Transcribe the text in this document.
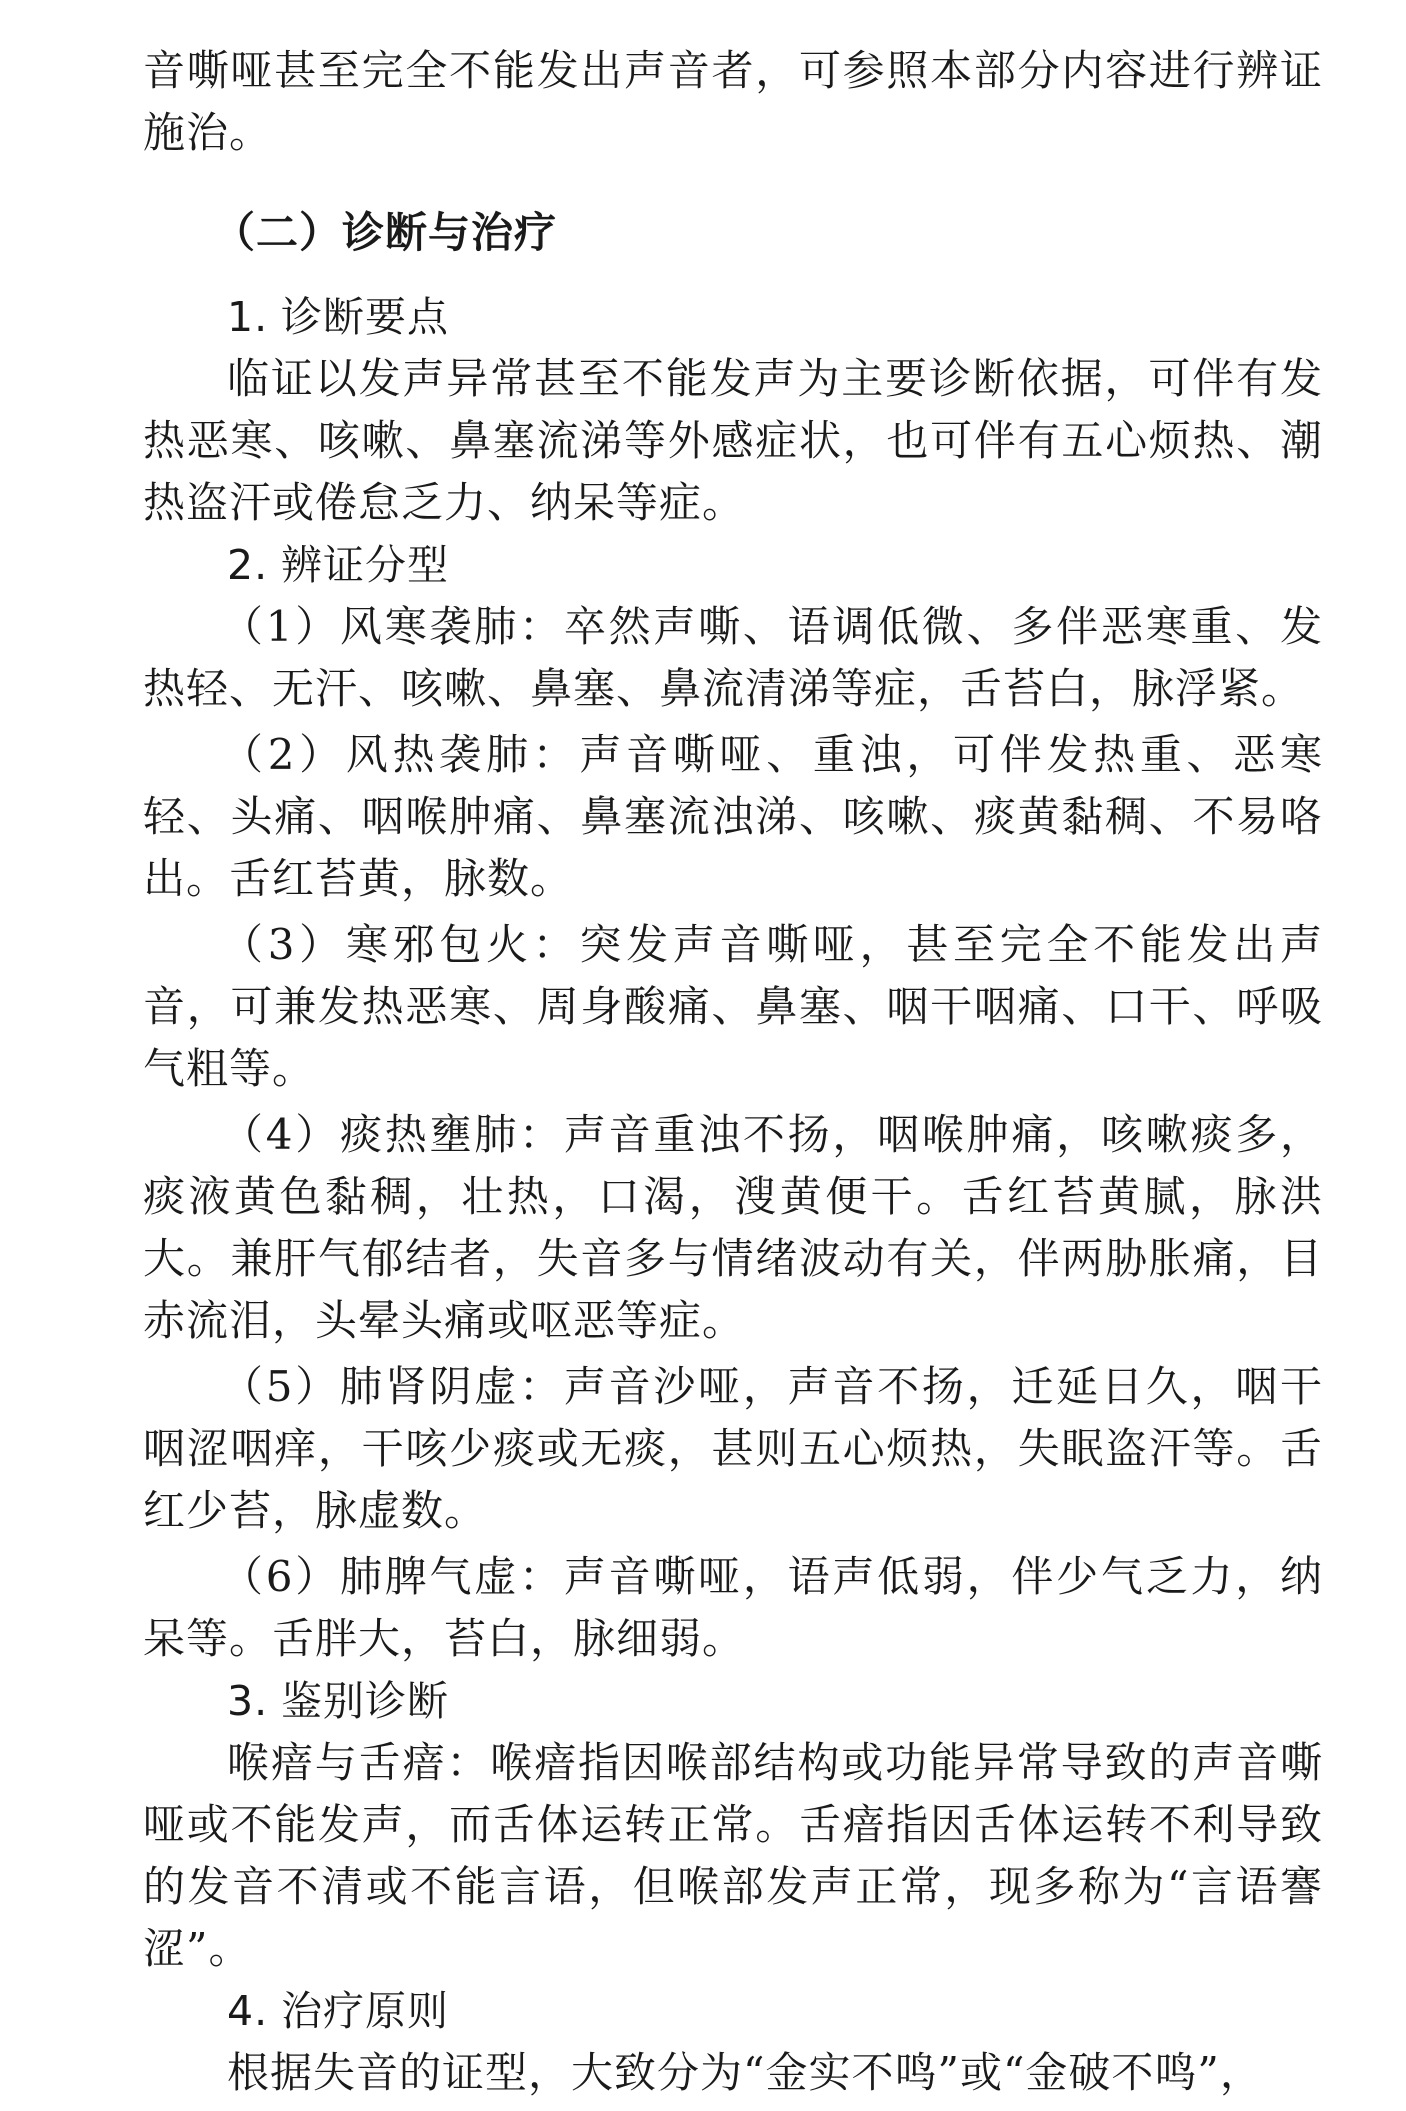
音嘶哑甚至完全不能发出声音者，可参照本部分内容进行辨证施治。

（二）诊断与治疗
1. 诊断要点

临证以发声异常甚至不能发声为主要诊断依据，可伴有发热恶寒、咳嗽、鼻塞流涕等外感症状，也可伴有五心烦热、潮热盗汗或倦怠乏力、纳呆等症。

2. 辨证分型

（1）风寒袭肺：卒然声嘶、语调低微、多伴恶寒重、发热轻、无汗、咳嗽、鼻塞、鼻流清涕等症，舌苔白，脉浮紧。

（2）风热袭肺：声音嘶哑、重浊，可伴发热重、恶寒轻、头痛、咽喉肿痛、鼻塞流浊涕、咳嗽、痰黄黏稠、不易咯出。舌红苔黄，脉数。

（3）寒邪包火：突发声音嘶哑，甚至完全不能发出声音，可兼发热恶寒、周身酸痛、鼻塞、咽干咽痛、口干、呼吸气粗等。

（4）痰热壅肺：声音重浊不扬，咽喉肿痛，咳嗽痰多，痰液黄色黏稠，壮热，口渴，溲黄便干。舌红苔黄腻，脉洪大。兼肝气郁结者，失音多与情绪波动有关，伴两胁胀痛，目赤流泪，头晕头痛或呕恶等症。

（5）肺肾阴虚：声音沙哑，声音不扬，迁延日久，咽干咽涩咽痒，干咳少痰或无痰，甚则五心烦热，失眠盗汗等。舌红少苔，脉虚数。

（6）肺脾气虚：声音嘶哑，语声低弱，伴少气乏力，纳呆等。舌胖大，苔白，脉细弱。

3. 鉴别诊断

喉瘖与舌瘖：喉瘖指因喉部结构或功能异常导致的声音嘶哑或不能发声，而舌体运转正常。舌瘖指因舌体运转不利导致的发音不清或不能言语，但喉部发声正常，现多称为“言语謇涩”。

4. 治疗原则

根据失音的证型，大致分为“金实不鸣”或“金破不鸣”，
